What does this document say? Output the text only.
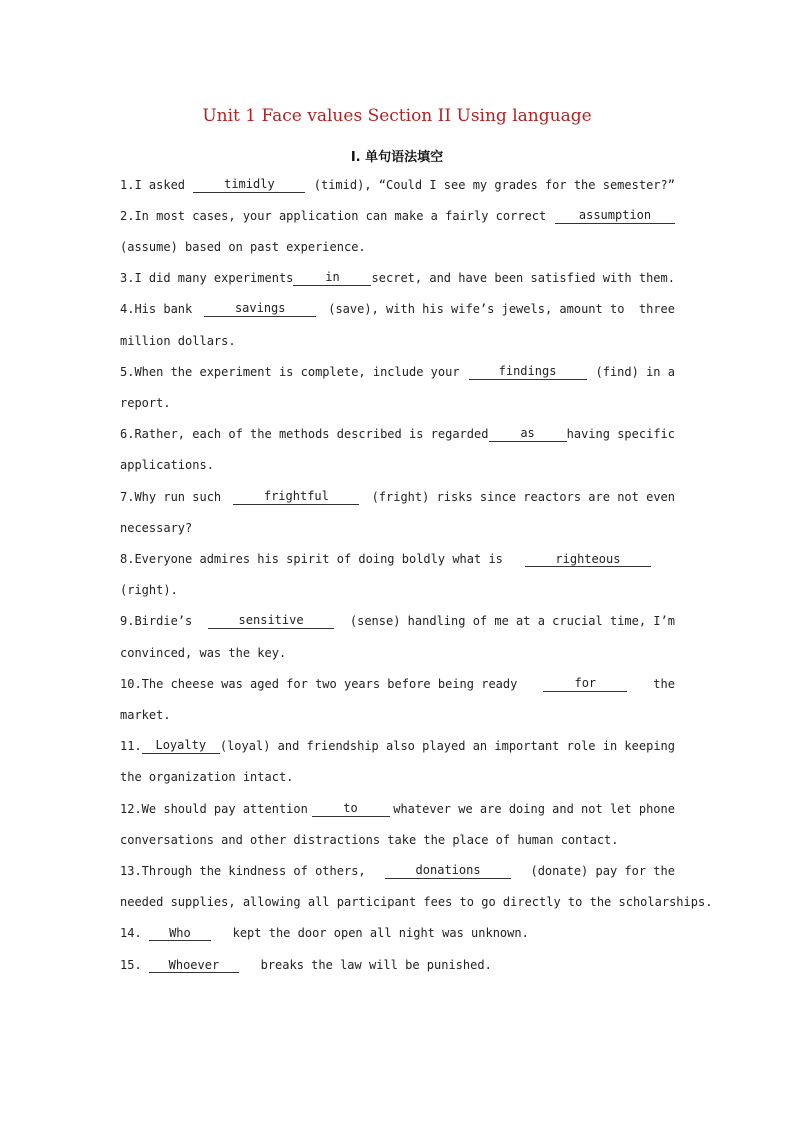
Unit 1 Face values Section II Using language
Ⅰ. 单句语法填空
1.I asked	timidly	(timid), “Could I see my grades for the semester?”
2.In most cases, your application can make a fairly correct	assumption
(assume) based on past experience.
3.I did many experiments	in	secret, and have been satisfied with them.
4.His bank	savings	(save), with his wife’s jewels, amount to  three
million dollars.
5.When the experiment is complete, include your	findings	(find) in a
report.
6.Rather, each of the methods described is regarded	as	having specific
applications.
7.Why run such	frightful	(fright) risks since reactors are not even
necessary?
8.Everyone admires his spirit of doing boldly what is	righteous
(right).
9.Birdie’s	sensitive	(sense) handling of me at a crucial time, I’m
convinced, was the key.
10.The cheese was aged for two years before being ready	for	the
market.
11.	Loyalty	(loyal) and friendship also played an important role in keeping
the organization intact.
12.We should pay attention	to	whatever we are doing and not let phone
conversations and other distractions take the place of human contact.
13.Through the kindness of others,	donations	(donate) pay for the
needed supplies, allowing all participant fees to go directly to the scholarships.
14. Who	kept the door open all night was unknown.
15. Whoever	breaks the law will be punished.
